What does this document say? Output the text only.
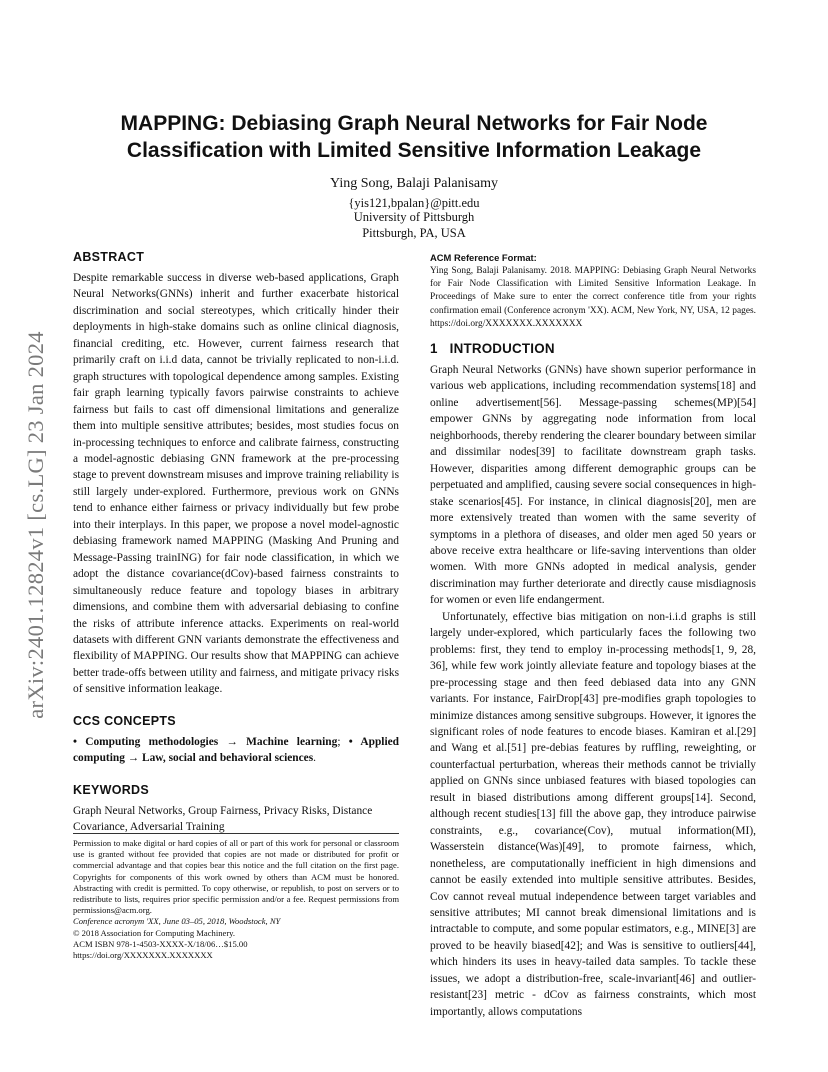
arXiv:2401.12824v1 [cs.LG] 23 Jan 2024
MAPPING: Debiasing Graph Neural Networks for Fair Node
Classification with Limited Sensitive Information Leakage
Ying Song, Balaji Palanisamy
{yis121,bpalan}@pitt.edu
University of Pittsburgh
Pittsburgh, PA, USA
ABSTRACT

Despite remarkable success in diverse web-based applications, Graph Neural Networks(GNNs) inherit and further exacerbate historical discrimination and social stereotypes, which critically hinder their deployments in high-stake domains such as online clinical diagnosis, financial crediting, etc. However, current fairness research that primarily craft on i.i.d data, cannot be trivially replicated to non-i.i.d. graph structures with topological dependence among samples. Existing fair graph learning typically favors pairwise constraints to achieve fairness but fails to cast off dimensional limitations and generalize them into multiple sensitive attributes; besides, most studies focus on in-processing techniques to enforce and calibrate fairness, constructing a model-agnostic debiasing GNN framework at the pre-processing stage to prevent downstream misuses and improve training reliability is still largely under-explored. Furthermore, previous work on GNNs tend to enhance either fairness or privacy individually but few probe into their interplays. In this paper, we propose a novel model-agnostic debiasing framework named MAPPING (Masking And Pruning and Message-Passing trainING) for fair node classification, in which we adopt the distance covariance(dCov)-based fairness constraints to simultaneously reduce feature and topology biases in arbitrary dimensions, and combine them with adversarial debiasing to confine the risks of attribute inference attacks. Experiments on real-world datasets with different GNN variants demonstrate the effectiveness and flexibility of MAPPING. Our results show that MAPPING can achieve better trade-offs between utility and fairness, and mitigate privacy risks of sensitive information leakage.

CCS CONCEPTS

• Computing methodologies → Machine learning; • Applied computing → Law, social and behavioral sciences.

KEYWORDS

Graph Neural Networks, Group Fairness, Privacy Risks, Distance Covariance, Adversarial Training

Permission to make digital or hard copies of all or part of this work for personal or classroom use is granted without fee provided that copies are not made or distributed for profit or commercial advantage and that copies bear this notice and the full citation on the first page. Copyrights for components of this work owned by others than ACM must be honored. Abstracting with credit is permitted. To copy otherwise, or republish, to post on servers or to redistribute to lists, requires prior specific permission and/or a fee. Request permissions from permissions@acm.org.

Conference acronym 'XX, June 03–05, 2018, Woodstock, NY

© 2018 Association for Computing Machinery.

ACM ISBN 978-1-4503-XXXX-X/18/06…$15.00

https://doi.org/XXXXXXX.XXXXXXX

ACM Reference Format:

Ying Song, Balaji Palanisamy. 2018. MAPPING: Debiasing Graph Neural Networks for Fair Node Classification with Limited Sensitive Information Leakage. In Proceedings of Make sure to enter the correct conference title from your rights confirmation email (Conference acronym 'XX). ACM, New York, NY, USA, 12 pages. https://doi.org/XXXXXXX.XXXXXXX

1 INTRODUCTION

Graph Neural Networks (GNNs) have shown superior performance in various web applications, including recommendation systems[18] and online advertisement[56]. Message-passing schemes(MP)[54] empower GNNs by aggregating node information from local neighborhoods, thereby rendering the clearer boundary between similar and dissimilar nodes[39] to facilitate downstream graph tasks. However, disparities among different demographic groups can be perpetuated and amplified, causing severe social consequences in high-stake scenarios[45]. For instance, in clinical diagnosis[20], men are more extensively treated than women with the same severity of symptoms in a plethora of diseases, and older men aged 50 years or above receive extra healthcare or life-saving interventions than older women. With more GNNs adopted in medical analysis, gender discrimination may further deteriorate and directly cause misdiagnosis for women or even life endangerment.

Unfortunately, effective bias mitigation on non-i.i.d graphs is still largely under-explored, which particularly faces the following two problems: first, they tend to employ in-processing methods[1, 9, 28, 36], while few work jointly alleviate feature and topology biases at the pre-processing stage and then feed debiased data into any GNN variants. For instance, FairDrop[43] pre-modifies graph topologies to minimize distances among sensitive subgroups. However, it ignores the significant roles of node features to encode biases. Kamiran et al.[29] and Wang et al.[51] pre-debias features by ruffling, reweighting, or counterfactual perturbation, whereas their methods cannot be trivially applied on GNNs since unbiased features with biased topologies can result in biased distributions among different groups[14]. Second, although recent studies[13] fill the above gap, they introduce pairwise constraints, e.g., covariance(Cov), mutual information(MI), Wasserstein distance(Was)[49], to promote fairness, which, nonetheless, are computationally inefficient in high dimensions and cannot be easily extended into multiple sensitive attributes. Besides, Cov cannot reveal mutual independence between target variables and sensitive attributes; MI cannot break dimensional limitations and is intractable to compute, and some popular estimators, e.g., MINE[3] are proved to be heavily biased[42]; and Was is sensitive to outliers[44], which hinders its uses in heavy-tailed data samples. To tackle these issues, we adopt a distribution-free, scale-invariant[46] and outlier-resistant[23] metric - dCov as fairness constraints, which most importantly, allows computations
